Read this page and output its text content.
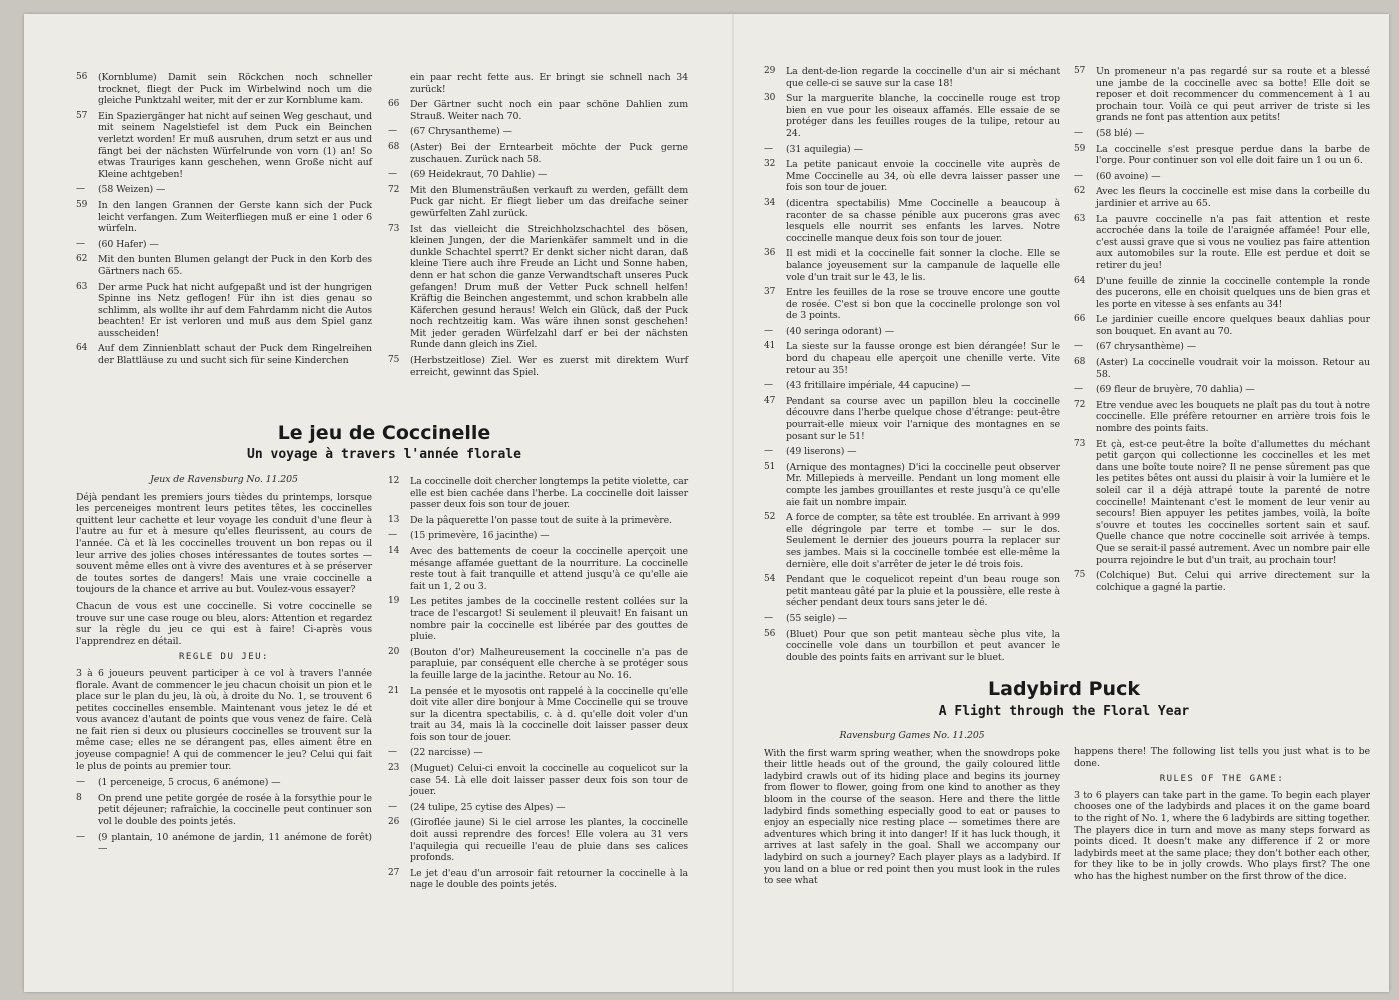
56	(Kornblume) Damit sein Röckchen noch schneller trocknet, fliegt der Puck im Wirbelwind noch um die gleiche Punktzahl weiter, mit der er zur Kornblume kam.
57	Ein Spaziergänger hat nicht auf seinen Weg geschaut, und mit seinem Nagelstiefel ist dem Puck ein Beinchen verletzt worden! Er muß ausruhen, drum setzt er aus und fängt bei der nächsten Würfelrunde von vorn (1) an! So etwas Trauriges kann geschehen, wenn Große nicht auf Kleine achtgeben!
—	(58 Weizen) —
59	In den langen Grannen der Gerste kann sich der Puck leicht verfangen. Zum Weiterfliegen muß er eine 1 oder 6 würfeln.
—	(60 Hafer) —
62	Mit den bunten Blumen gelangt der Puck in den Korb des Gärtners nach 65.
63	Der arme Puck hat nicht aufgepaßt und ist der hungrigen Spinne ins Netz geflogen! Für ihn ist dies genau so schlimm, als wollte ihr auf dem Fahrdamm nicht die Autos beachten! Er ist verloren und muß aus dem Spiel ganz ausscheiden!
64	Auf dem Zinnienblatt schaut der Puck dem Ringelreihen der Blattläuse zu und sucht sich für seine Kinderchen
ein paar recht fette aus. Er bringt sie schnell nach 34 zurück!
66	Der Gärtner sucht noch ein paar schöne Dahlien zum Strauß. Weiter nach 70.
—	(67 Chrysantheme) —
68	(Aster) Bei der Erntearbeit möchte der Puck gerne zuschauen. Zurück nach 58.
—	(69 Heidekraut, 70 Dahlie) —
72	Mit den Blumensträußen verkauft zu werden, gefällt dem Puck gar nicht. Er fliegt lieber um das dreifache seiner gewürfelten Zahl zurück.
73	Ist das vielleicht die Streichholzschachtel des bösen, kleinen Jungen, der die Marienkäfer sammelt und in die dunkle Schachtel sperrt? Er denkt sicher nicht daran, daß kleine Tiere auch ihre Freude an Licht und Sonne haben, denn er hat schon die ganze Verwandtschaft unseres Puck gefangen! Drum muß der Vetter Puck schnell helfen! Kräftig die Beinchen angestemmt, und schon krabbeln alle Käferchen gesund heraus! Welch ein Glück, daß der Puck noch rechtzeitig kam. Was wäre ihnen sonst geschehen! Mit jeder geraden Würfelzahl darf er bei der nächsten Runde dann gleich ins Ziel.
75	(Herbstzeitlose) Ziel. Wer es zuerst mit direktem Wurf erreicht, gewinnt das Spiel.
Le jeu de Coccinelle
Un voyage à travers l'année florale
Jeux de Ravensburg No. 11.205

Déjà pendant les premiers jours tièdes du printemps, lorsque les perceneiges montrent leurs petites têtes, les coccinelles quittent leur cachette et leur voyage les conduit d'une fleur à l'autre au fur et à mesure qu'elles fleurissent, au cours de l'année. Cà et là les coccinelles trouvent un bon repas ou il leur arrive des jolies choses intéressantes de toutes sortes — souvent même elles ont à vivre des aventures et à se préserver de toutes sortes de dangers! Mais une vraie coccinelle a toujours de la chance et arrive au but. Voulez-vous essayer?

Chacun de vous est une coccinelle. Si votre coccinelle se trouve sur une case rouge ou bleu, alors: Attention et regardez sur la règle du jeu ce qui est à faire! Ci-après vous l'apprendrez en détail.

REGLE DU JEU:

3 à 6 joueurs peuvent participer à ce vol à travers l'année florale. Avant de commencer le jeu chacun choisit un pion et le place sur le plan du jeu, là où, à droite du No. 1, se trouvent 6 petites coccinelles ensemble. Maintenant vous jetez le dé et vous avancez d'autant de points que vous venez de faire. Celà ne fait rien si deux ou plusieurs coccinelles se trouvent sur la même case; elles ne se dérangent pas, elles aiment être en joyeuse compagnie! A qui de commencer le jeu? Celui qui fait le plus de points au premier tour.

—	(1 perceneige, 5 crocus, 6 anémone) —
8	On prend une petite gorgée de rosée à la forsythie pour le petit déjeuner; rafraîchie, la coccinelle peut continuer son vol le double des points jetés.
—	(9 plantain, 10 anémone de jardin, 11 anémone de forêt) —
12	La coccinelle doit chercher longtemps la petite violette, car elle est bien cachée dans l'herbe. La coccinelle doit laisser passer deux fois son tour de jouer.
13	De la pâquerette l'on passe tout de suite à la primevère.
—	(15 primevère, 16 jacinthe) —
14	Avec des battements de coeur la coccinelle aperçoit une mésange affamée guettant de la nourriture. La coccinelle reste tout à fait tranquille et attend jusqu'à ce qu'elle aie fait un 1, 2 ou 3.
19	Les petites jambes de la coccinelle restent collées sur la trace de l'escargot! Si seulement il pleuvait! En faisant un nombre pair la coccinelle est libérée par des gouttes de pluie.
20	(Bouton d'or) Malheureusement la coccinelle n'a pas de parapluie, par conséquent elle cherche à se protéger sous la feuille large de la jacinthe. Retour au No. 16.
21	La pensée et le myosotis ont rappelé à la coccinelle qu'elle doit vite aller dire bonjour à Mme Coccinelle qui se trouve sur la dicentra spectabilis, c. à d. qu'elle doit voler d'un trait au 34, mais là la coccinelle doit laisser passer deux fois son tour de jouer.
—	(22 narcisse) —
23	(Muguet) Celui-ci envoit la coccinelle au coquelicot sur la case 54. Là elle doit laisser passer deux fois son tour de jouer.
—	(24 tulipe, 25 cytise des Alpes) —
26	(Giroflée jaune) Si le ciel arrose les plantes, la coccinelle doit aussi reprendre des forces! Elle volera au 31 vers l'aquilegia qui recueille l'eau de pluie dans ses calices profonds.
27	Le jet d'eau d'un arrosoir fait retourner la coccinelle à la nage le double des points jetés.
29	La dent-de-lion regarde la coccinelle d'un air si méchant que celle-ci se sauve sur la case 18!
30	Sur la marguerite blanche, la coccinelle rouge est trop bien en vue pour les oiseaux affamés. Elle essaie de se protéger dans les feuilles rouges de la tulipe, retour au 24.
—	(31 aquilegia) —
32	La petite panicaut envoie la coccinelle vite auprès de Mme Coccinelle au 34, où elle devra laisser passer une fois son tour de jouer.
34	(dicentra spectabilis) Mme Coccinelle a beaucoup à raconter de sa chasse pénible aux pucerons gras avec lesquels elle nourrit ses enfants les larves. Notre coccinelle manque deux fois son tour de jouer.
36	Il est midi et la coccinelle fait sonner la cloche. Elle se balance joyeusement sur la campanule de laquelle elle vole d'un trait sur le 43, le lis.
37	Entre les feuilles de la rose se trouve encore une goutte de rosée. C'est si bon que la coccinelle prolonge son vol de 3 points.
—	(40 seringa odorant) —
41	La sieste sur la fausse oronge est bien dérangée! Sur le bord du chapeau elle aperçoit une chenille verte. Vite retour au 35!
—	(43 fritillaire impériale, 44 capucine) —
47	Pendant sa course avec un papillon bleu la coccinelle découvre dans l'herbe quelque chose d'étrange: peut-être pourrait-elle mieux voir l'arnique des montagnes en se posant sur le 51!
—	(49 liserons) —
51	(Arnique des montagnes) D'ici la coccinelle peut observer Mr. Millepieds à merveille. Pendant un long moment elle compte les jambes grouillantes et reste jusqu'à ce qu'elle aie fait un nombre impair.
52	A force de compter, sa tête est troublée. En arrivant à 999 elle dégringole par terre et tombe — sur le dos. Seulement le dernier des joueurs pourra la replacer sur ses jambes. Mais si la coccinelle tombée est elle-même la dernière, elle doit s'arrêter de jeter le dé trois fois.
54	Pendant que le coquelicot repeint d'un beau rouge son petit manteau gâté par la pluie et la poussière, elle reste à sécher pendant deux tours sans jeter le dé.
—	(55 seigle) —
56	(Bluet) Pour que son petit manteau sèche plus vite, la coccinelle vole dans un tourbillon et peut avancer le double des points faits en arrivant sur le bluet.
57	Un promeneur n'a pas regardé sur sa route et a blessé une jambe de la coccinelle avec sa botte! Elle doit se reposer et doit recommencer du commencement à 1 au prochain tour. Voilà ce qui peut arriver de triste si les grands ne font pas attention aux petits!
—	(58 blé) —
59	La coccinelle s'est presque perdue dans la barbe de l'orge. Pour continuer son vol elle doit faire un 1 ou un 6.
—	(60 avoine) —
62	Avec les fleurs la coccinelle est mise dans la corbeille du jardinier et arrive au 65.
63	La pauvre coccinelle n'a pas fait attention et reste accrochée dans la toile de l'araignée affamée! Pour elle, c'est aussi grave que si vous ne vouliez pas faire attention aux automobiles sur la route. Elle est perdue et doit se retirer du jeu!
64	D'une feuille de zinnie la coccinelle contemple la ronde des pucerons, elle en choisit quelques uns de bien gras et les porte en vitesse à ses enfants au 34!
66	Le jardinier cueille encore quelques beaux dahlias pour son bouquet. En avant au 70.
—	(67 chrysanthème) —
68	(Aster) La coccinelle voudrait voir la moisson. Retour au 58.
—	(69 fleur de bruyère, 70 dahlia) —
72	Etre vendue avec les bouquets ne plaît pas du tout à notre coccinelle. Elle préfère retourner en arrière trois fois le nombre des points faits.
73	Et çà, est-ce peut-être la boîte d'allumettes du méchant petit garçon qui collectionne les coccinelles et les met dans une boîte toute noire? Il ne pense sûrement pas que les petites bêtes ont aussi du plaisir à voir la lumière et le soleil car il a déjà attrapé toute la parenté de notre coccinelle! Maintenant c'est le moment de leur venir au secours! Bien appuyer les petites jambes, voilà, la boîte s'ouvre et toutes les coccinelles sortent sain et sauf. Quelle chance que notre coccinelle soit arrivée à temps. Que se serait-il passé autrement. Avec un nombre pair elle pourra rejoindre le but d'un trait, au prochain tour!
75	(Colchique) But. Celui qui arrive directement sur la colchique a gagné la partie.
Ladybird Puck
A Flight through the Floral Year
Ravensburg Games No. 11.205

With the first warm spring weather, when the snowdrops poke their little heads out of the ground, the gaily coloured little ladybird crawls out of its hiding place and begins its journey from flower to flower, going from one kind to another as they bloom in the course of the season. Here and there the little ladybird finds something especially good to eat or pauses to enjoy an especially nice resting place — sometimes there are adventures which bring it into danger! If it has luck though, it arrives at last safely in the goal. Shall we accompany our ladybird on such a journey? Each player plays as a ladybird. If you land on a blue or red point then you must look in the rules to see what

happens there! The following list tells you just what is to be done.

RULES OF THE GAME:

3 to 6 players can take part in the game. To begin each player chooses one of the ladybirds and places it on the game board to the right of No. 1, where the 6 ladybirds are sitting together. The players dice in turn and move as many steps forward as points diced. It doesn't make any difference if 2 or more ladybirds meet at the same place; they don't bother each other, for they like to be in jolly crowds. Who plays first? The one who has the highest number on the first throw of the dice.
